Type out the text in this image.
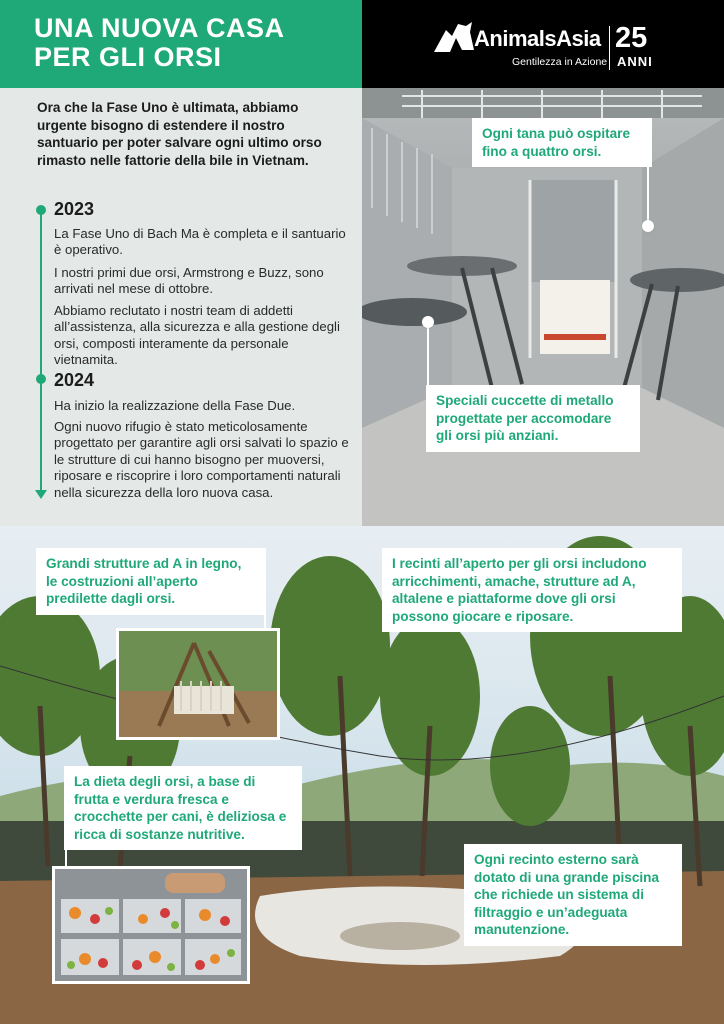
UNA NUOVA CASA
PER GLI ORSI
AnimalsAsia
Gentilezza in Azione
25
ANNI
Ora che la Fase Uno è ultimata, abbiamo urgente bisogno di estendere il nostro santuario per poter salvare ogni ultimo orso rimasto nelle fattorie della bile in Vietnam.
2023
La Fase Uno di Bach Ma è completa e il santuario è operativo.
I nostri primi due orsi, Armstrong e Buzz, sono arrivati nel mese di ottobre.
Abbiamo reclutato i nostri team di addetti all’assistenza, alla sicurezza e alla gestione degli orsi, composti interamente da personale vietnamita.
2024
Ha inizio la realizzazione della Fase Due.
Ogni nuovo rifugio è stato meticolosamente progettato per garantire agli orsi salvati lo spazio e le strutture di cui hanno bisogno per muoversi, riposare e riscoprire i loro comportamenti naturali nella sicurezza della loro nuova casa.
Ogni tana può ospitare fino a quattro orsi.
Speciali cuccette di metallo progettate per accomodare gli orsi più anziani.
Grandi strutture ad A in legno, le costruzioni all’aperto predilette dagli orsi.
I recinti all’aperto per gli orsi includono arricchimenti, amache, strutture ad A, altalene e piattaforme dove gli orsi possono giocare e riposare.
La dieta degli orsi, a base di frutta e verdura fresca e crocchette per cani, è deliziosa e ricca di sostanze nutritive.
Ogni recinto esterno sarà dotato di una grande piscina che richiede un sistema di filtraggio e un’adeguata manutenzione.
